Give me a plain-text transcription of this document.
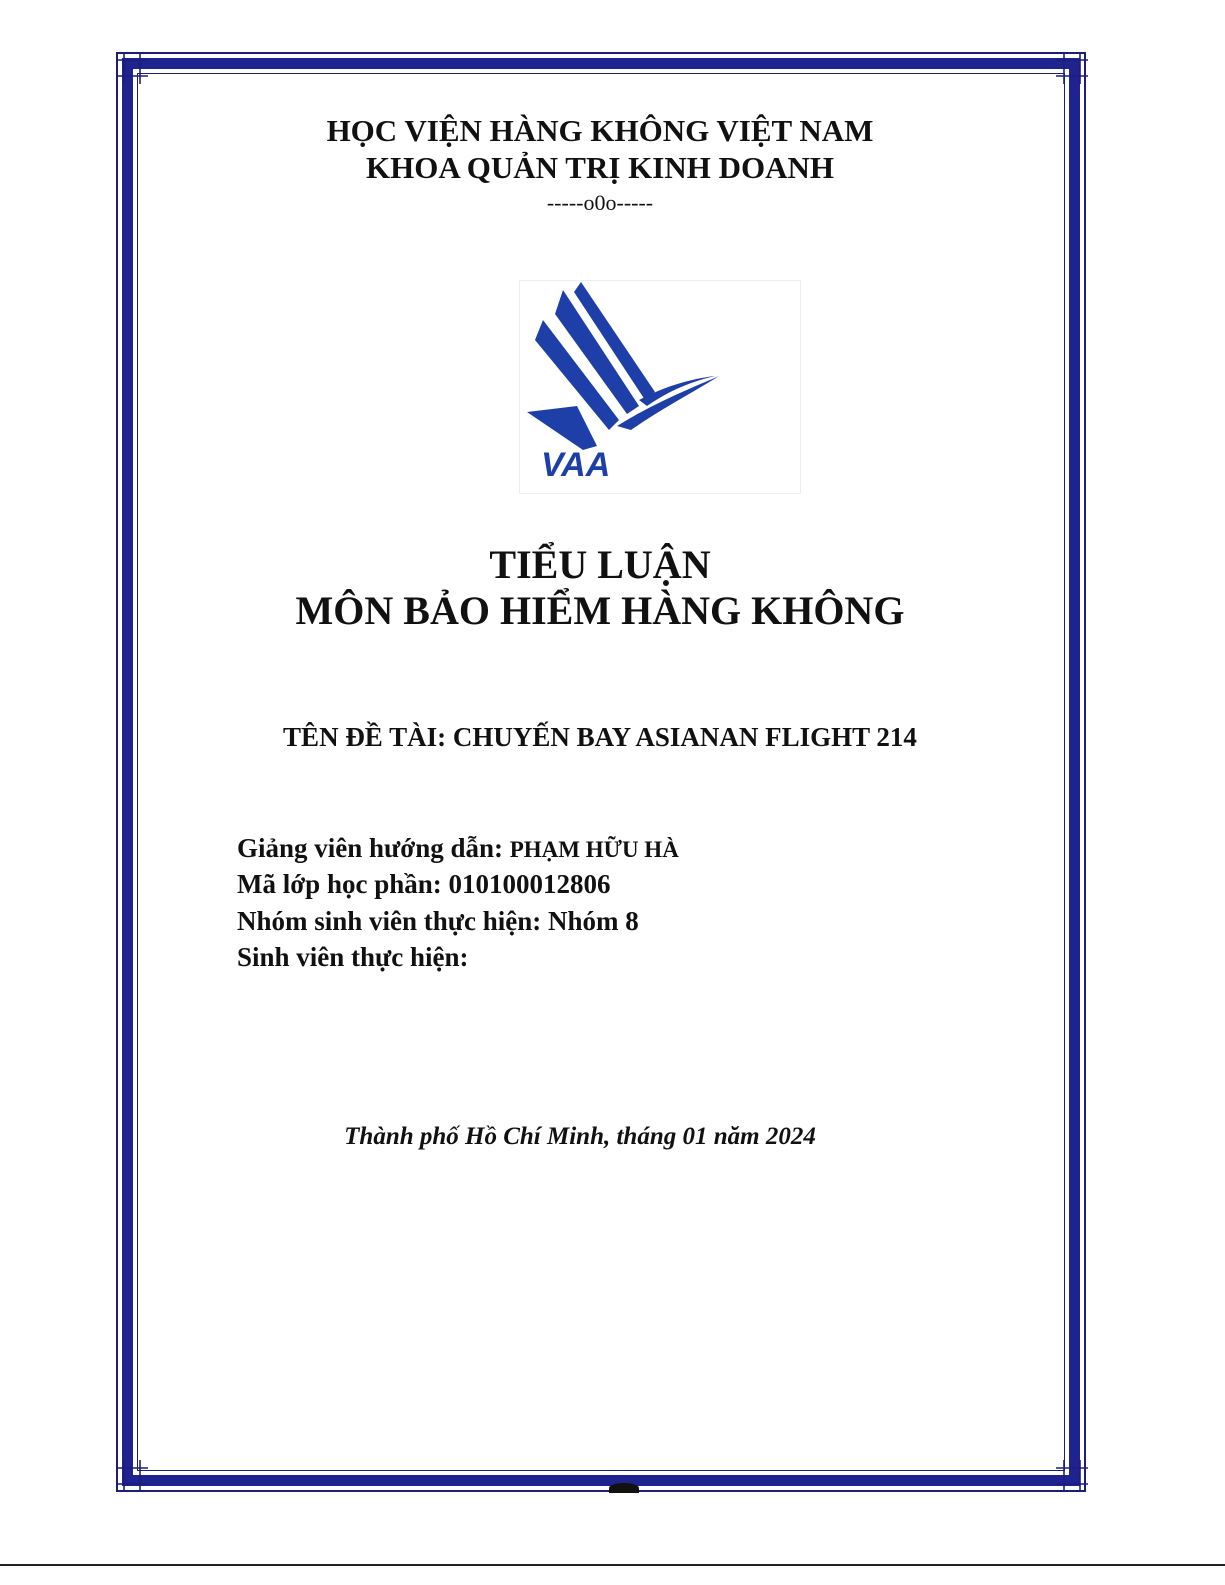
HỌC VIỆN HÀNG KHÔNG VIỆT NAM
KHOA QUẢN TRỊ KINH DOANH
-----o0o-----
VAA
TIỂU LUẬN
MÔN BẢO HIỂM HÀNG KHÔNG
TÊN ĐỀ TÀI: CHUYẾN BAY ASIANAN FLIGHT 214
Giảng viên hướng dẫn: PHẠM HỮU HÀ
Mã lớp học phần: 010100012806
Nhóm sinh viên thực hiện: Nhóm 8
Sinh viên thực hiện:
Thành phố Hồ Chí Minh, tháng 01 năm 2024
